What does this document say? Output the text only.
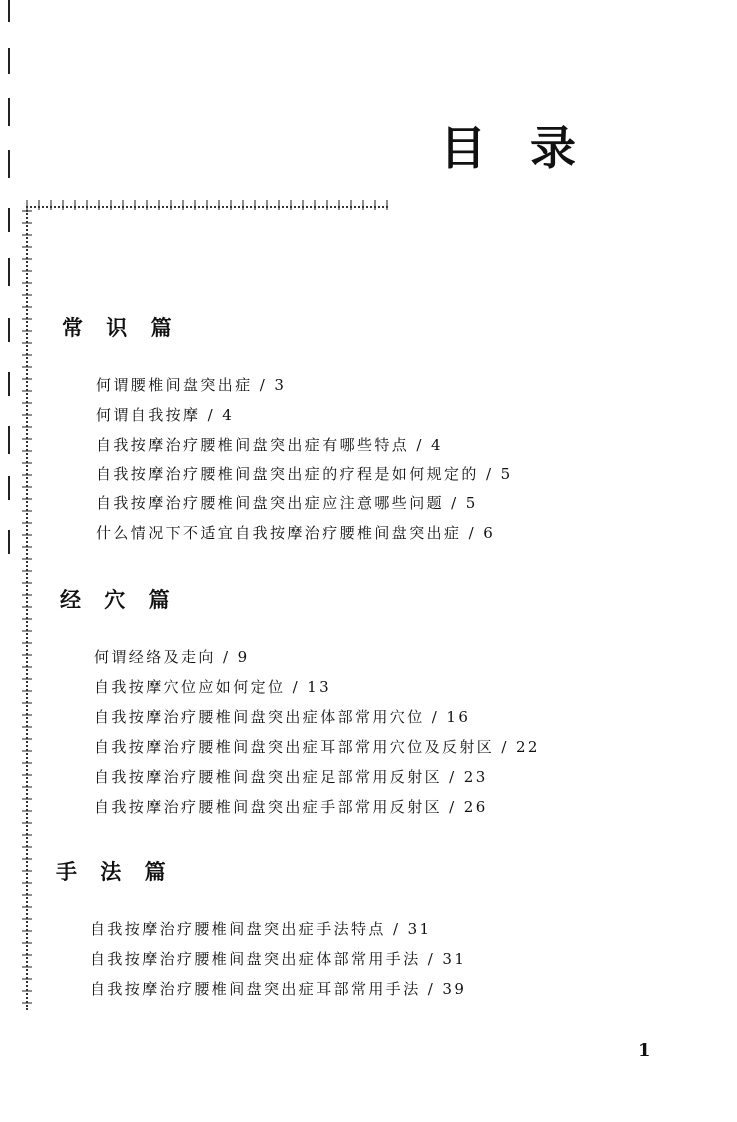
目 录
常 识 篇
何谓腰椎间盘突出症 / 3
何谓自我按摩 / 4
自我按摩治疗腰椎间盘突出症有哪些特点 / 4
自我按摩治疗腰椎间盘突出症的疗程是如何规定的 / 5
自我按摩治疗腰椎间盘突出症应注意哪些问题 / 5
什么情况下不适宜自我按摩治疗腰椎间盘突出症 / 6
经 穴 篇
何谓经络及走向 / 9
自我按摩穴位应如何定位 / 13
自我按摩治疗腰椎间盘突出症体部常用穴位 / 16
自我按摩治疗腰椎间盘突出症耳部常用穴位及反射区 / 22
自我按摩治疗腰椎间盘突出症足部常用反射区 / 23
自我按摩治疗腰椎间盘突出症手部常用反射区 / 26
手 法 篇
自我按摩治疗腰椎间盘突出症手法特点 / 31
自我按摩治疗腰椎间盘突出症体部常用手法 / 31
自我按摩治疗腰椎间盘突出症耳部常用手法 / 39
1
